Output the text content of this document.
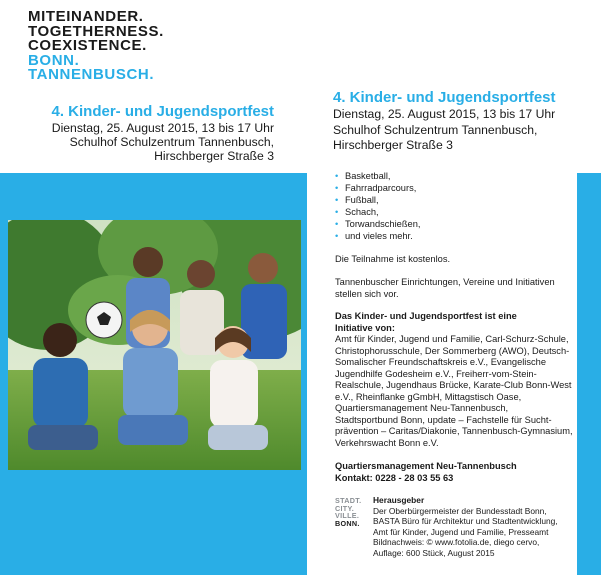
MITEINANDER.
TOGETHERNESS.
COEXISTENCE.
BONN.
TANNENBUSCH.
4. Kinder- und Jugendsportfest
Dienstag, 25. August 2015, 13 bis 17 Uhr
Schulhof Schulzentrum Tannenbusch,
Hirschberger Straße 3
4. Kinder- und Jugendsportfest
Dienstag, 25. August 2015, 13 bis 17 Uhr
Schulhof Schulzentrum Tannenbusch,
Hirschberger Straße 3
• Basketball,
• Fahrradparcours,
• Fußball,
• Schach,
• Torwandschießen,
• und vieles mehr.

Die Teilnahme ist kostenlos.

Tannenbuscher Einrichtungen, Vereine und Initiativen stellen sich vor.

Das Kinder- und Jugendsportfest ist eine Initiative von:

Amt für Kinder, Jugend und Familie, Carl-Schurz-Schule, Christophorusschule, Der Sommerberg (AWO), Deutsch-Somalischer Freundschaftskreis e.V., Evangelische Jugendhilfe Godesheim e.V., Freiherr-vom-Stein-Realschule, Jugendhaus Brücke, Karate-Club Bonn-West e.V., Rheinflanke gGmbH, Mittagstisch Oase, Quartiersmanagement Neu-Tannenbusch, Stadtsportbund Bonn, update – Fachstelle für Sucht-prävention – Caritas/Diakonie, Tannenbusch-Gymnasium, Verkehrswacht Bonn e.V.

Quartiersmanagement Neu-Tannenbusch

Kontakt: 0228 - 28 03 55 63

STADT.
CITY.
VILLE.
BONN.
Herausgeber
Der Oberbürgermeister der Bundesstadt Bonn,
BASTA Büro für Architektur und Stadtentwicklung,
Amt für Kinder, Jugend und Familie, Presseamt
Bildnachweis: © www.fotolia.de, diego cervo,
Auflage: 600 Stück, August 2015
